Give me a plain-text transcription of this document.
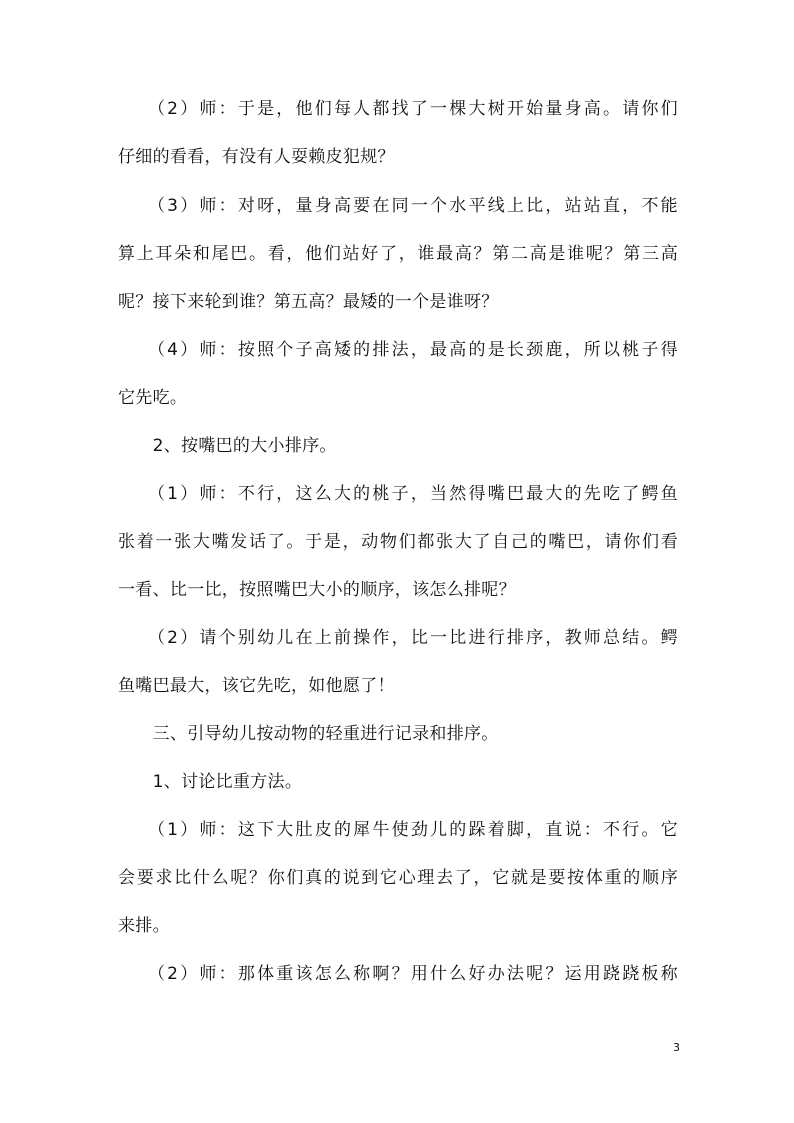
　　（2）师：于是，他们每人都找了一棵大树开始量身高。请你们
仔细的看看，有没有人耍赖皮犯规？
　　（3）师：对呀，量身高要在同一个水平线上比，站站直，不能
算上耳朵和尾巴。看，他们站好了，谁最高？第二高是谁呢？第三高
呢？接下来轮到谁？第五高？最矮的一个是谁呀？
　　（4）师：按照个子高矮的排法，最高的是长颈鹿，所以桃子得
它先吃。
　　2、按嘴巴的大小排序。
　　（1）师：不行，这么大的桃子，当然得嘴巴最大的先吃了鳄鱼
张着一张大嘴发话了。于是，动物们都张大了自己的嘴巴，请你们看
一看、比一比，按照嘴巴大小的顺序，该怎么排呢？
　　（2）请个别幼儿在上前操作，比一比进行排序，教师总结。鳄
鱼嘴巴最大，该它先吃，如他愿了！
　　三、引导幼儿按动物的轻重进行记录和排序。
　　1、讨论比重方法。
　　（1）师：这下大肚皮的犀牛使劲儿的跺着脚，直说：不行。它
会要求比什么呢？你们真的说到它心理去了，它就是要按体重的顺序
来排。
　　（2）师：那体重该怎么称啊？用什么好办法呢？运用跷跷板称
3
